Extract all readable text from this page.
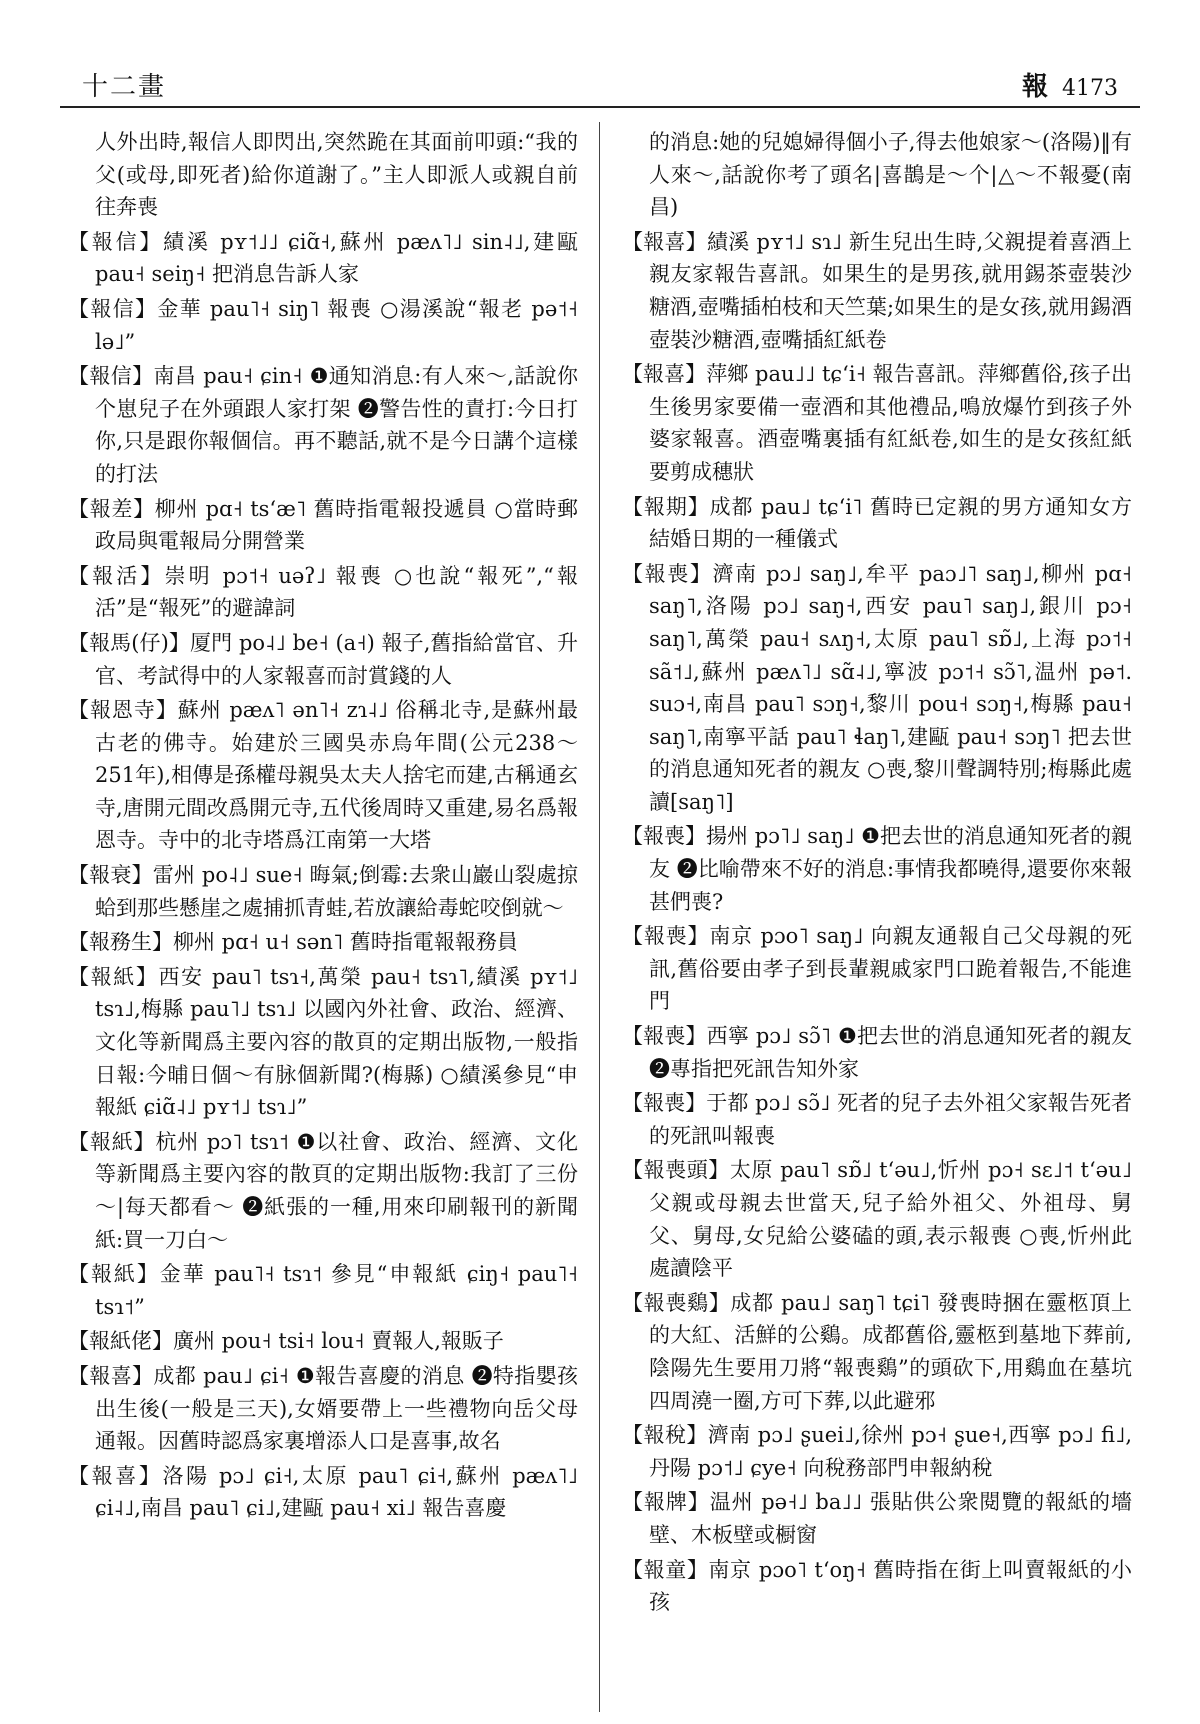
十二畫	報 4173

人外出時,報信人即閃出,突然跪在其面前叩頭:“我的父(或母,即死者)給你道謝了。”主人即派人或親自前往奔喪

【報信】績溪 pʏ˦˩˩ ɕiɑ̃˧,蘇州 pæʌ˥˩ sin˨˩,建甌 pau˧ seiŋ˧ 把消息告訴人家

【報信】金華 pau˥˧ siŋ˥ 報喪 ○湯溪說“報老 pə˦˧ lə˩”

【報信】南昌 pau˧ ɕin˧ ❶通知消息:有人來～,話說你个崽兒子在外頭跟人家打架 ❷警告性的責打:今日打你,只是跟你報個信。再不聽話,就不是今日講个這樣的打法

【報差】柳州 pɑ˧ tsʻæ˥ 舊時指電報投遞員 ○當時郵政局與電報局分開營業

【報活】崇明 pɔ˦˧ uəʔ˩ 報喪 ○也說“報死”,“報活”是“報死”的避諱詞

【報馬(仔)】厦門 po˨˩ be˧ (a˧) 報子,舊指給當官、升官、考試得中的人家報喜而討賞錢的人

【報恩寺】蘇州 pæʌ˥ ən˥˧ zɿ˨˩ 俗稱北寺,是蘇州最古老的佛寺。始建於三國吳赤烏年間(公元238～251年),相傳是孫權母親吳太夫人捨宅而建,古稱通玄寺,唐開元間改爲開元寺,五代後周時又重建,易名爲報恩寺。寺中的北寺塔爲江南第一大塔

【報衰】雷州 po˨˩ sue˧ 晦氣;倒霉:去衆山巖山裂處掠蛤到那些懸崖之處捕抓青蛙,若放讓給毒蛇咬倒就～

【報務生】柳州 pɑ˧ u˧ sən˥ 舊時指電報報務員

【報紙】西安 pau˥ tsɿ˧,萬榮 pau˧ tsɿ˥,績溪 pʏ˦˩ tsɿ˩,梅縣 pau˥˩ tsɿ˩ 以國內外社會、政治、經濟、文化等新聞爲主要內容的散頁的定期出版物,一般指日報:今晡日個～有脉個新聞?(梅縣) ○績溪參見“申報紙 ɕiɑ̃˨˩ pʏ˦˩ tsɿ˩”

【報紙】杭州 pɔ˥ tsɿ˦ ❶以社會、政治、經濟、文化等新聞爲主要內容的散頁的定期出版物:我訂了三份～|每天都看～ ❷紙張的一種,用來印刷報刊的新聞紙:買一刀白～

【報紙】金華 pau˥˧ tsɿ˦ 參見“申報紙 ɕiŋ˧ pau˥˧ tsɿ˦”

【報紙佬】廣州 pou˧ tsi˧ lou˧ 賣報人,報販子

【報喜】成都 pau˩ ɕi˧ ❶報告喜慶的消息 ❷特指嬰孩出生後(一般是三天),女婿要帶上一些禮物向岳父母通報。因舊時認爲家裏增添人口是喜事,故名

【報喜】洛陽 pɔ˩ ɕi˧,太原 pau˥ ɕi˧,蘇州 pæʌ˥˩ ɕi˨˩,南昌 pau˥ ɕi˩,建甌 pau˧ xi˩ 報告喜慶

的消息:她的兒媳婦得個小子,得去他娘家～(洛陽)‖有人來～,話說你考了頭名|喜鵲是～个|△～不報憂(南昌)

【報喜】績溪 pʏ˦˩ sɿ˩ 新生兒出生時,父親提着喜酒上親友家報告喜訊。如果生的是男孩,就用錫茶壺裝沙糖酒,壺嘴插柏枝和天竺葉;如果生的是女孩,就用錫酒壺裝沙糖酒,壺嘴插紅紙卷

【報喜】萍鄉 pau˩˩ tɕʻi˧ 報告喜訊。萍鄉舊俗,孩子出生後男家要備一壺酒和其他禮品,鳴放爆竹到孩子外婆家報喜。酒壺嘴裏插有紅紙卷,如生的是女孩紅紙要剪成穗狀

【報期】成都 pau˩ tɕʻi˥ 舊時已定親的男方通知女方結婚日期的一種儀式

【報喪】濟南 pɔ˩ saŋ˩,牟平 paɔ˩˥ saŋ˩,柳州 pɑ˧ saŋ˥,洛陽 pɔ˩ saŋ˧,西安 pau˥ saŋ˩,銀川 pɔ˧ saŋ˥,萬榮 pau˧ sʌŋ˧,太原 pau˥ sɒ̃˩,上海 pɔ˦˧ sã˦˩,蘇州 pæʌ˥˩ sɑ̃˨˩,寧波 pɔ˦˧ sɔ̃˥,温州 pə˦. suɔ˧,南昌 pau˥ sɔŋ˧,黎川 pou˧ sɔŋ˧,梅縣 pau˧ saŋ˥,南寧平話 pau˥ ɬaŋ˥,建甌 pau˧ sɔŋ˥ 把去世的消息通知死者的親友 ○喪,黎川聲調特別;梅縣此處讀[saŋ˥]

【報喪】揚州 pɔ˥˩ saŋ˩ ❶把去世的消息通知死者的親友 ❷比喻帶來不好的消息:事情我都曉得,還要你來報甚們喪?

【報喪】南京 pɔo˥ saŋ˩ 向親友通報自己父母親的死訊,舊俗要由孝子到長輩親戚家門口跪着報告,不能進門

【報喪】西寧 pɔ˩ sɔ̃˥ ❶把去世的消息通知死者的親友 ❷專指把死訊告知外家

【報喪】于都 pɔ˩ sɔ̃˩ 死者的兒子去外祖父家報告死者的死訊叫報喪

【報喪頭】太原 pau˥ sɒ̃˩ tʻəu˩,忻州 pɔ˧ sɛ˩˦ tʻəu˩ 父親或母親去世當天,兒子給外祖父、外祖母、舅父、舅母,女兒給公婆磕的頭,表示報喪 ○喪,忻州此處讀陰平

【報喪鷄】成都 pau˩ saŋ˥ tɕi˥ 發喪時捆在靈柩頂上的大紅、活鮮的公鷄。成都舊俗,靈柩到墓地下葬前,陰陽先生要用刀將“報喪鷄”的頭砍下,用鷄血在墓坑四周澆一圈,方可下葬,以此避邪

【報稅】濟南 pɔ˩ ʂuei˩,徐州 pɔ˧ ʂue˧,西寧 pɔ˩ fi˩,丹陽 pɔ˦˩ ɕye˧ 向稅務部門申報納稅

【報牌】温州 pə˧˩ ba˩˩ 張貼供公衆閱覽的報紙的墻壁、木板壁或橱窗

【報童】南京 pɔo˥ tʻoŋ˧ 舊時指在街上叫賣報紙的小孩
